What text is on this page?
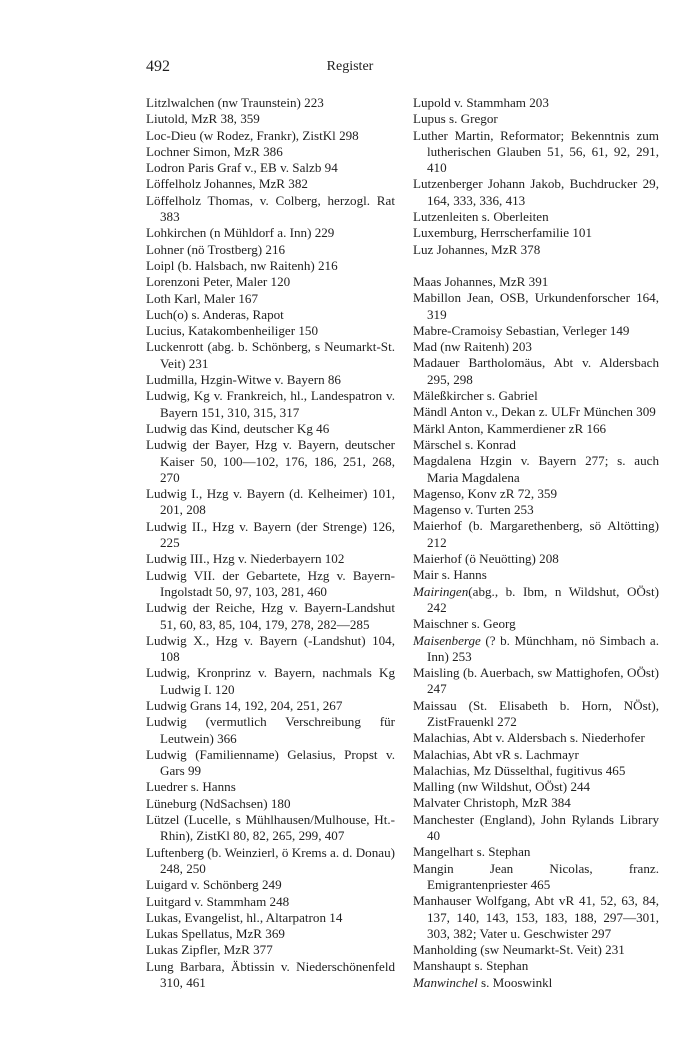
492	Register
Litzlwalchen (nw Traunstein) 223
Liutold, MzR 38, 359
Loc-Dieu (w Rodez, Frankr), ZistKl 298
Lochner Simon, MzR 386
Lodron Paris Graf v., EB v. Salzb 94
Löffelholz Johannes, MzR 382
Löffelholz Thomas, v. Colberg, herzogl. Rat 383
Lohkirchen (n Mühldorf a. Inn) 229
Lohner (nö Trostberg) 216
Loipl (b. Halsbach, nw Raitenh) 216
Lorenzoni Peter, Maler 120
Loth Karl, Maler 167
Luch(o) s. Anderas, Rapot
Lucius, Katakombenheiliger 150
Luckenrott (abg. b. Schönberg, s Neumarkt-St. Veit) 231
Ludmilla, Hzgin-Witwe v. Bayern 86
Ludwig, Kg v. Frankreich, hl., Landespatron v. Bayern 151, 310, 315, 317
Ludwig das Kind, deutscher Kg 46
Ludwig der Bayer, Hzg v. Bayern, deutscher Kaiser 50, 100—102, 176, 186, 251, 268, 270
Ludwig I., Hzg v. Bayern (d. Kelheimer) 101, 201, 208
Ludwig II., Hzg v. Bayern (der Strenge) 126, 225
Ludwig III., Hzg v. Niederbayern 102
Ludwig VII. der Gebartete, Hzg v. Bayern-Ingolstadt 50, 97, 103, 281, 460
Ludwig der Reiche, Hzg v. Bayern-Landshut 51, 60, 83, 85, 104, 179, 278, 282—285
Ludwig X., Hzg v. Bayern (-Landshut) 104, 108
Ludwig, Kronprinz v. Bayern, nachmals Kg Ludwig I. 120
Ludwig Grans 14, 192, 204, 251, 267
Ludwig (vermutlich Verschreibung für Leutwein) 366
Ludwig (Familienname) Gelasius, Propst v. Gars 99
Luedrer s. Hanns
Lüneburg (NdSachsen) 180
Lützel (Lucelle, s Mühlhausen/Mulhouse, Ht.-Rhin), ZistKl 80, 82, 265, 299, 407
Luftenberg (b. Weinzierl, ö Krems a. d. Donau) 248, 250
Luigard v. Schönberg 249
Luitgard v. Stammham 248
Lukas, Evangelist, hl., Altarpatron 14
Lukas Spellatus, MzR 369
Lukas Zipfler, MzR 377
Lung Barbara, Äbtissin v. Niederschönenfeld 310, 461
Lupold v. Stammham 203
Lupus s. Gregor
Luther Martin, Reformator; Bekenntnis zum lutherischen Glauben 51, 56, 61, 92, 291, 410
Lutzenberger Johann Jakob, Buchdrucker 29, 164, 333, 336, 413
Lutzenleiten s. Oberleiten
Luxemburg, Herrscherfamilie 101
Luz Johannes, MzR 378
Maas Johannes, MzR 391
Mabillon Jean, OSB, Urkundenforscher 164, 319
Mabre-Cramoisy Sebastian, Verleger 149
Mad (nw Raitenh) 203
Madauer Bartholomäus, Abt v. Aldersbach 295, 298
Mäleßkircher s. Gabriel
Mändl Anton v., Dekan z. ULFr München 309
Märkl Anton, Kammerdiener zR 166
Märschel s. Konrad
Magdalena Hzgin v. Bayern 277; s. auch Maria Magdalena
Magenso, Konv zR 72, 359
Magenso v. Turten 253
Maierhof (b. Margarethenberg, sö Altötting) 212
Maierhof (ö Neuötting) 208
Mair s. Hanns
Mairingen(abg., b. Ibm, n Wildshut, OÖst) 242
Maischner s. Georg
Maisenberge (? b. Münchham, nö Simbach a. Inn) 253
Maisling (b. Auerbach, sw Mattighofen, OÖst) 247
Maissau (St. Elisabeth b. Horn, NÖst), ZistFrauenkl 272
Malachias, Abt v. Aldersbach s. Niederhofer
Malachias, Abt vR s. Lachmayr
Malachias, Mz Düsselthal, fugitivus 465
Malling (nw Wildshut, OÖst) 244
Malvater Christoph, MzR 384
Manchester (England), John Rylands Library 40
Mangelhart s. Stephan
Mangin Jean Nicolas, franz. Emigrantenpriester 465
Manhauser Wolfgang, Abt vR 41, 52, 63, 84, 137, 140, 143, 153, 183, 188, 297—301, 303, 382; Vater u. Geschwister 297
Manholding (sw Neumarkt-St. Veit) 231
Manshaupt s. Stephan
Manwinchel s. Mooswinkl
